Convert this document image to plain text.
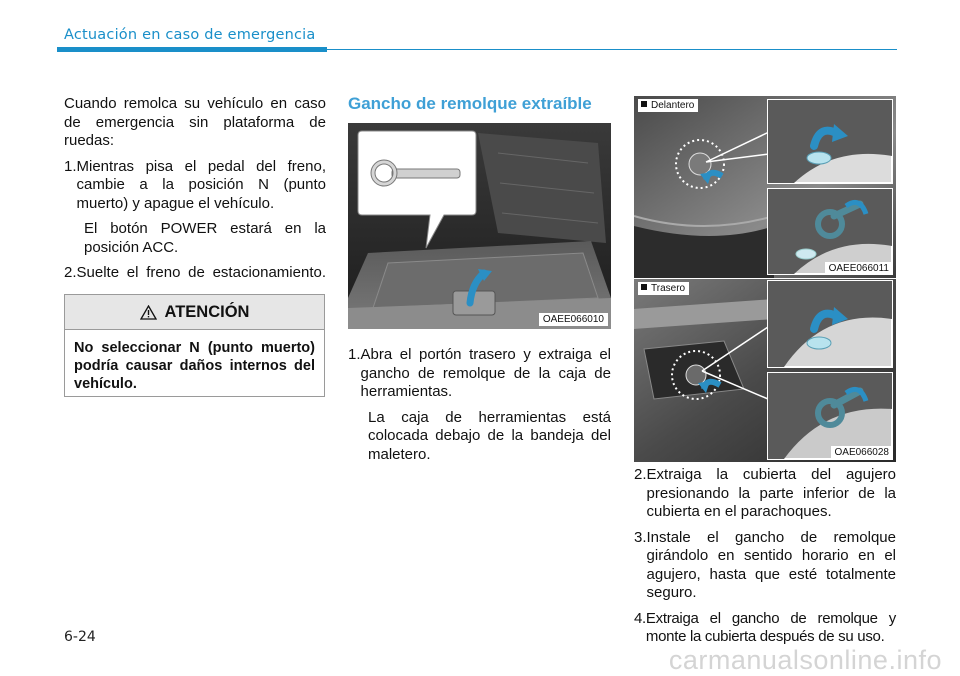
Actuación en caso de emergencia

Cuando remolca su vehículo en caso de emergencia sin plataforma de ruedas:

1. Mientras pisa el pedal del freno, cambie a la posición N (punto muerto) y apague el vehículo.
El botón POWER estará en la posición ACC.
2. Suelte el freno de estacionamiento.
ATENCIÓN
No seleccionar N (punto muerto) podría causar daños internos del vehículo.
Gancho de remolque extraíble
OAEE066010
Delantero
OAEE066011
Trasero
OAE066028
1. Abra el portón trasero y extraiga el gancho de remolque de la caja de herramientas.
La caja de herramientas está colocada debajo de la bandeja del maletero.
2. Extraiga la cubierta del agujero presionando la parte inferior de la cubierta en el parachoques.
3. Instale el gancho de remolque girándolo en sentido horario en el agujero, hasta que esté totalmente seguro.
4. Extraiga el gancho de remolque y monte la cubierta después de su uso.
6-24
carmanualsonline.info
